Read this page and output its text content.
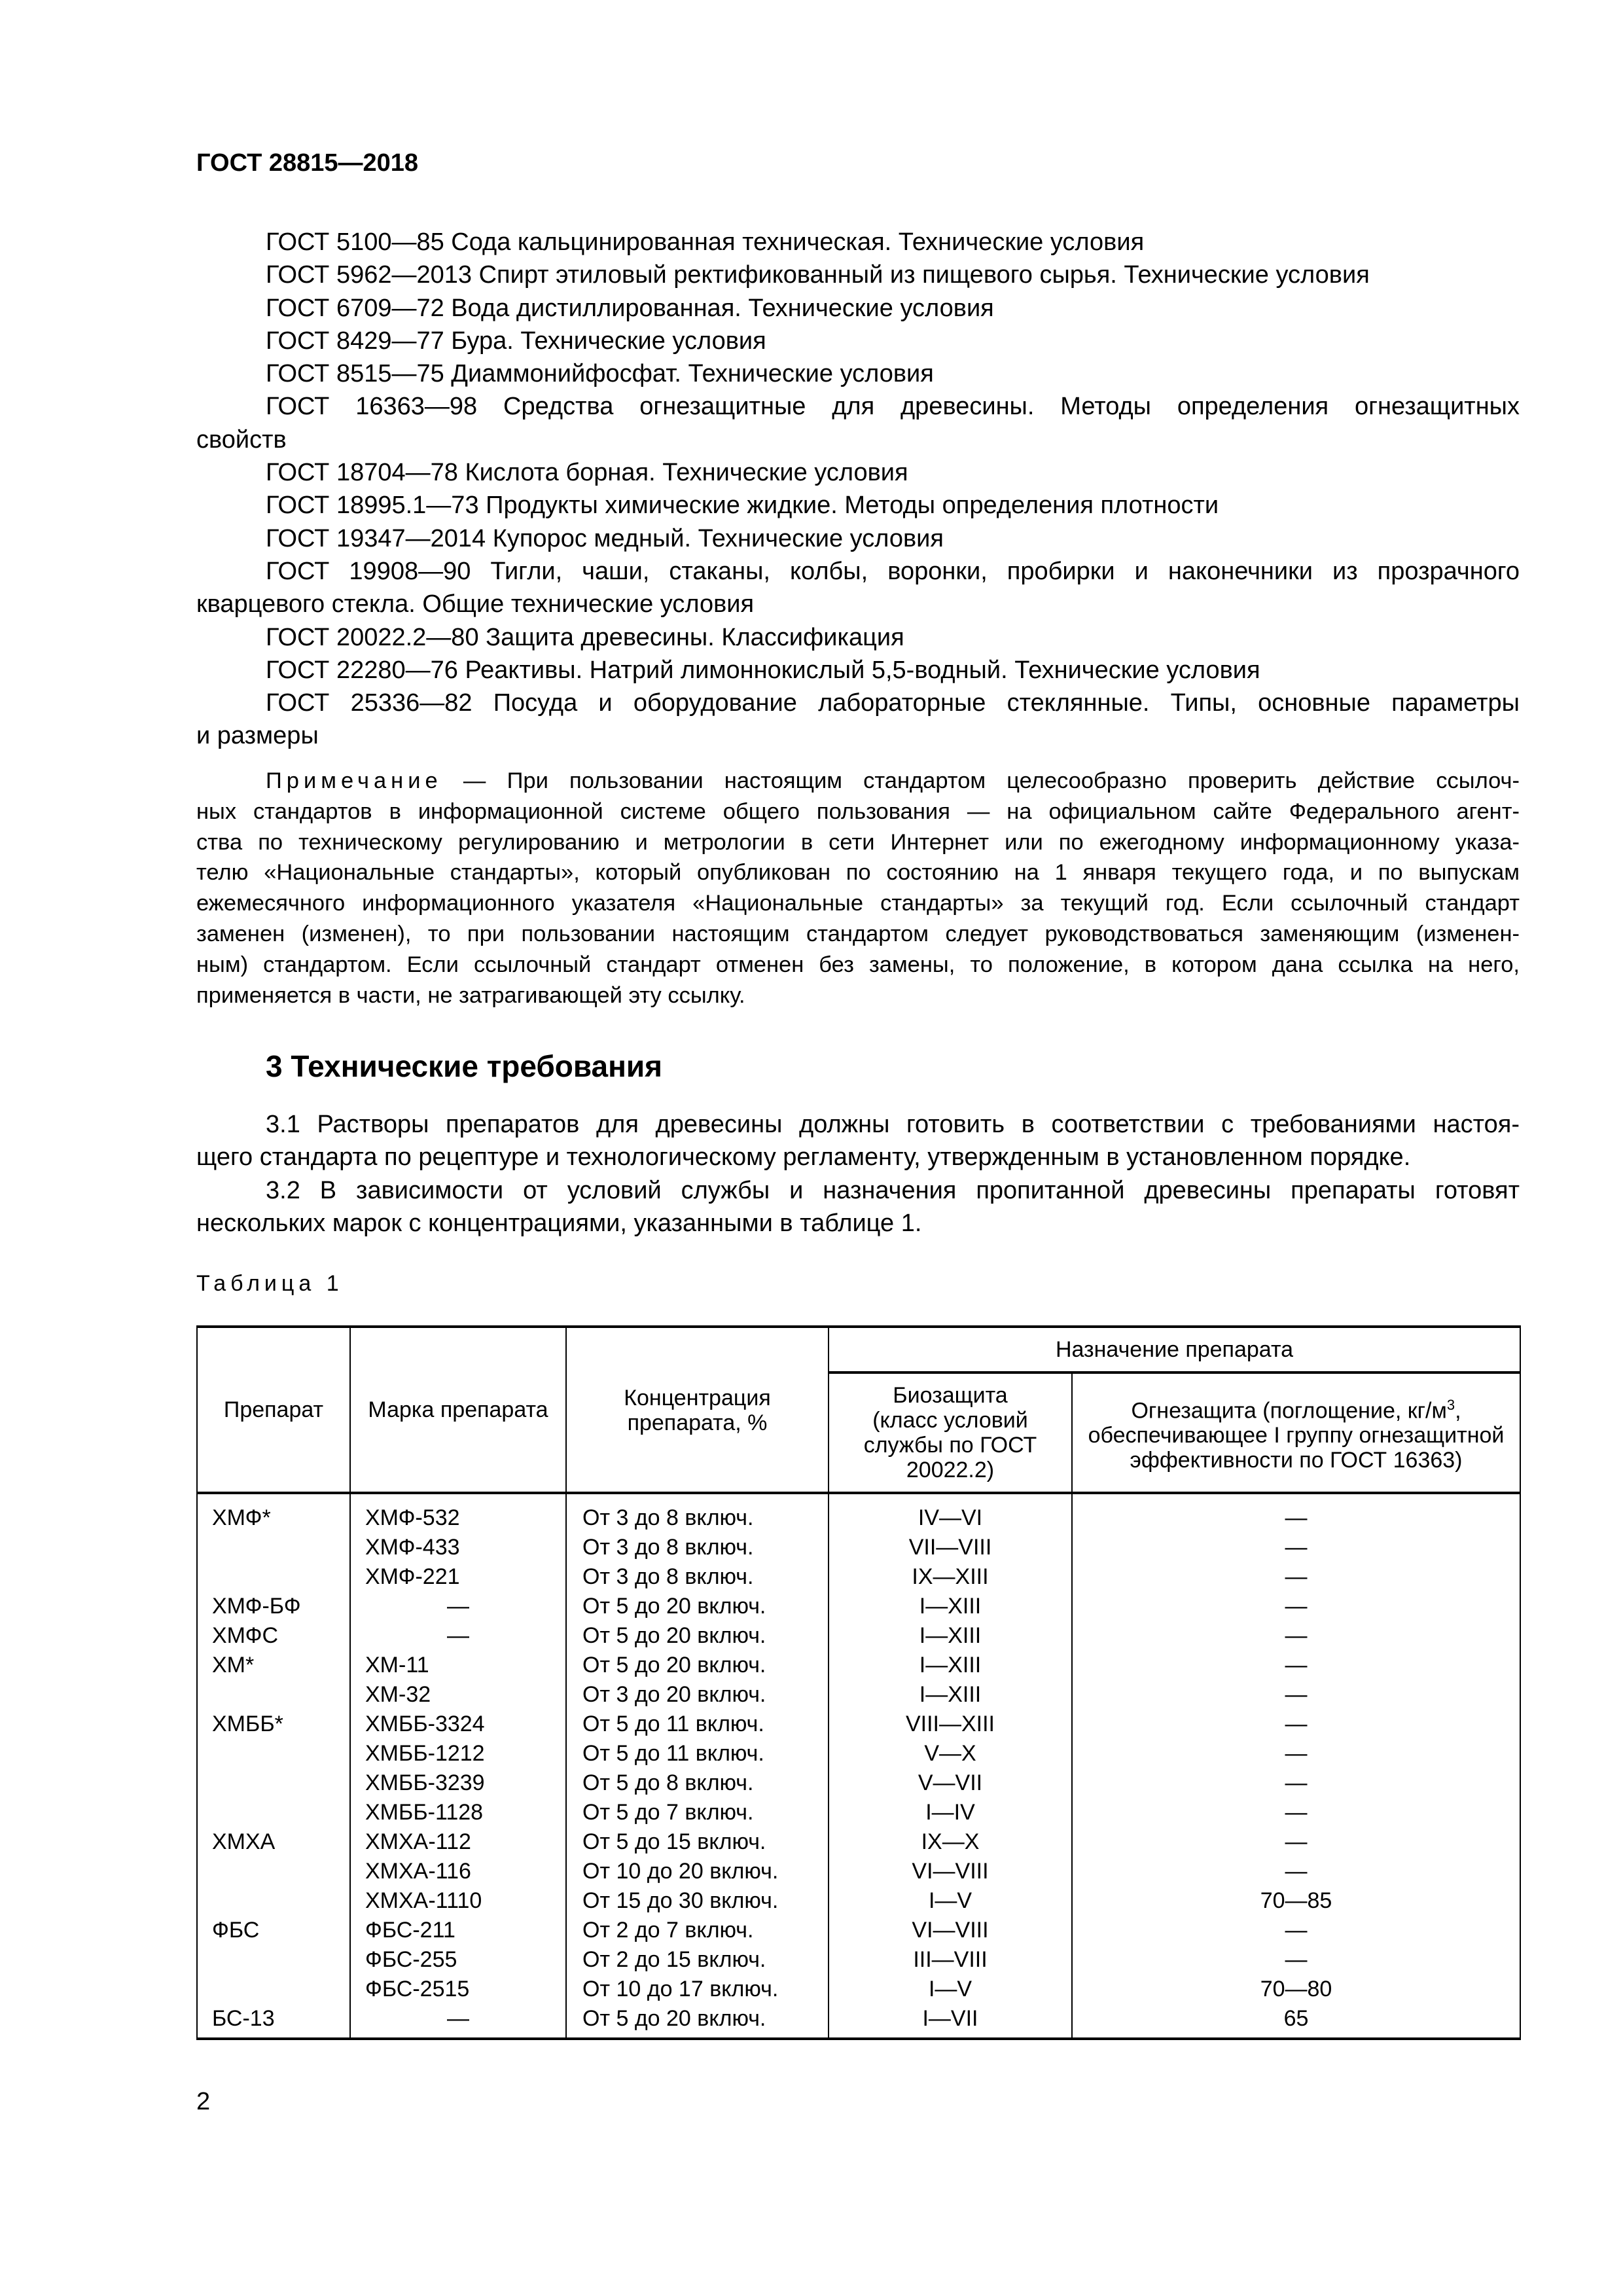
ГОСТ 28815—2018
ГОСТ 5100—85 Сода кальцинированная техническая. Технические условия
ГОСТ 5962—2013 Спирт этиловый ректификованный из пищевого сырья. Технические условия
ГОСТ 6709—72 Вода дистиллированная. Технические условия
ГОСТ 8429—77 Бура. Технические условия
ГОСТ 8515—75 Диаммонийфосфат. Технические условия
ГОСТ 16363—98 Средства огнезащитные для древесины. Методы определения огнезащитных
свойств
ГОСТ 18704—78 Кислота борная. Технические условия
ГОСТ 18995.1—73 Продукты химические жидкие. Методы определения плотности
ГОСТ 19347—2014 Купорос медный. Технические условия
ГОСТ 19908—90 Тигли, чаши, стаканы, колбы, воронки, пробирки и наконечники из прозрачного
кварцевого стекла. Общие технические условия
ГОСТ 20022.2—80 Защита древесины. Классификация
ГОСТ 22280—76 Реактивы. Натрий лимоннокислый 5,5-водный. Технические условия
ГОСТ 25336—82 Посуда и оборудование лабораторные стеклянные. Типы, основные параметры
и размеры
Примечание — При пользовании настоящим стандартом целесообразно проверить действие ссылоч-
ных стандартов в информационной системе общего пользования — на официальном сайте Федерального агент-
ства по техническому регулированию и метрологии в сети Интернет или по ежегодному информационному указа-
телю «Национальные стандарты», который опубликован по состоянию на 1 января текущего года, и по выпускам
ежемесячного информационного указателя «Национальные стандарты» за текущий год. Если ссылочный стандарт
заменен (изменен), то при пользовании настоящим стандартом следует руководствоваться заменяющим (изменен-
ным) стандартом. Если ссылочный стандарт отменен без замены, то положение, в котором дана ссылка на него,
применяется в части, не затрагивающей эту ссылку.
3 Технические требования
3.1 Растворы препаратов для древесины должны готовить в соответствии с требованиями настоя-
щего стандарта по рецептуре и технологическому регламенту, утвержденным в установленном порядке.
3.2 В зависимости от условий службы и назначения пропитанной древесины препараты готовят
нескольких марок с концентрациями, указанными в таблице 1.
Таблица 1
Препарат	Марка препарата	Концентрация препарата, %	Назначение препарата	
			Биозащита (класс условий службы по ГОСТ 20022.2)	Огнезащита (поглощение, $кг/м^3$, обеспечивающее I группу огнезащитной эффективности по ГОСТ 16363)
ХМФ*	ХМФ-532	От 3 до 8 включ.	IV—VI	—
	ХМФ-433	От 3 до 8 включ.	VII—VIII	—
	ХМФ-221	От 3 до 8 включ.	IX—XIII	—
ХМФ-БФ	—	От 5 до 20 включ.	I—XIII	—
ХМФС	—	От 5 до 20 включ.	I—XIII	—
ХМ*	ХМ-11	От 5 до 20 включ.	I—XIII	—
	ХМ-32	От 3 до 20 включ.	I—XIII	—
ХМББ*	ХМББ-3324	От 5 до 11 включ.	VIII—XIII	—
	ХМББ-1212	От 5 до 11 включ.	V—X	—
	ХМББ-3239	От 5 до 8 включ.	V—VII	—
	ХМББ-1128	От 5 до 7 включ.	I—IV	—
ХМХА	ХМХА-112	От 5 до 15 включ.	IX—X	—
	ХМХА-116	От 10 до 20 включ.	VI—VIII	—
	ХМХА-1110	От 15 до 30 включ.	I—V	70—85
ФБС	ФБС-211	От 2 до 7 включ.	VI—VIII	—
	ФБС-255	От 2 до 15 включ.	III—VIII	—
	ФБС-2515	От 10 до 17 включ.	I—V	70—80
БС-13	—	От 5 до 20 включ.	I—VII	65
2
